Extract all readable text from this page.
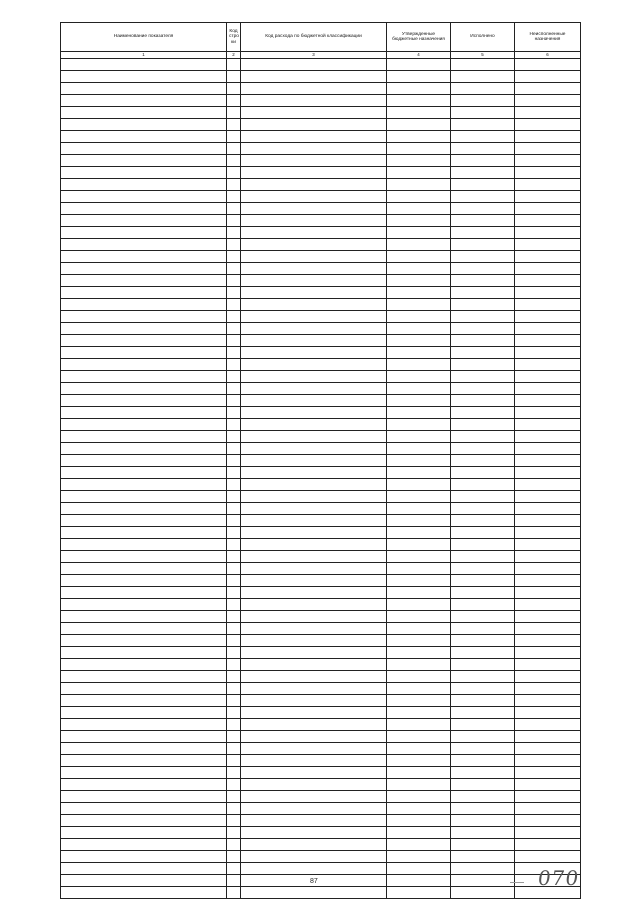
Наименование показателя	Код стро ки	Код расхода по бюджетной классификации	Утвержденные бюджетные назначения	Исполнено	Неисполненные назначения
1	2	3	4	5	6

87	070
